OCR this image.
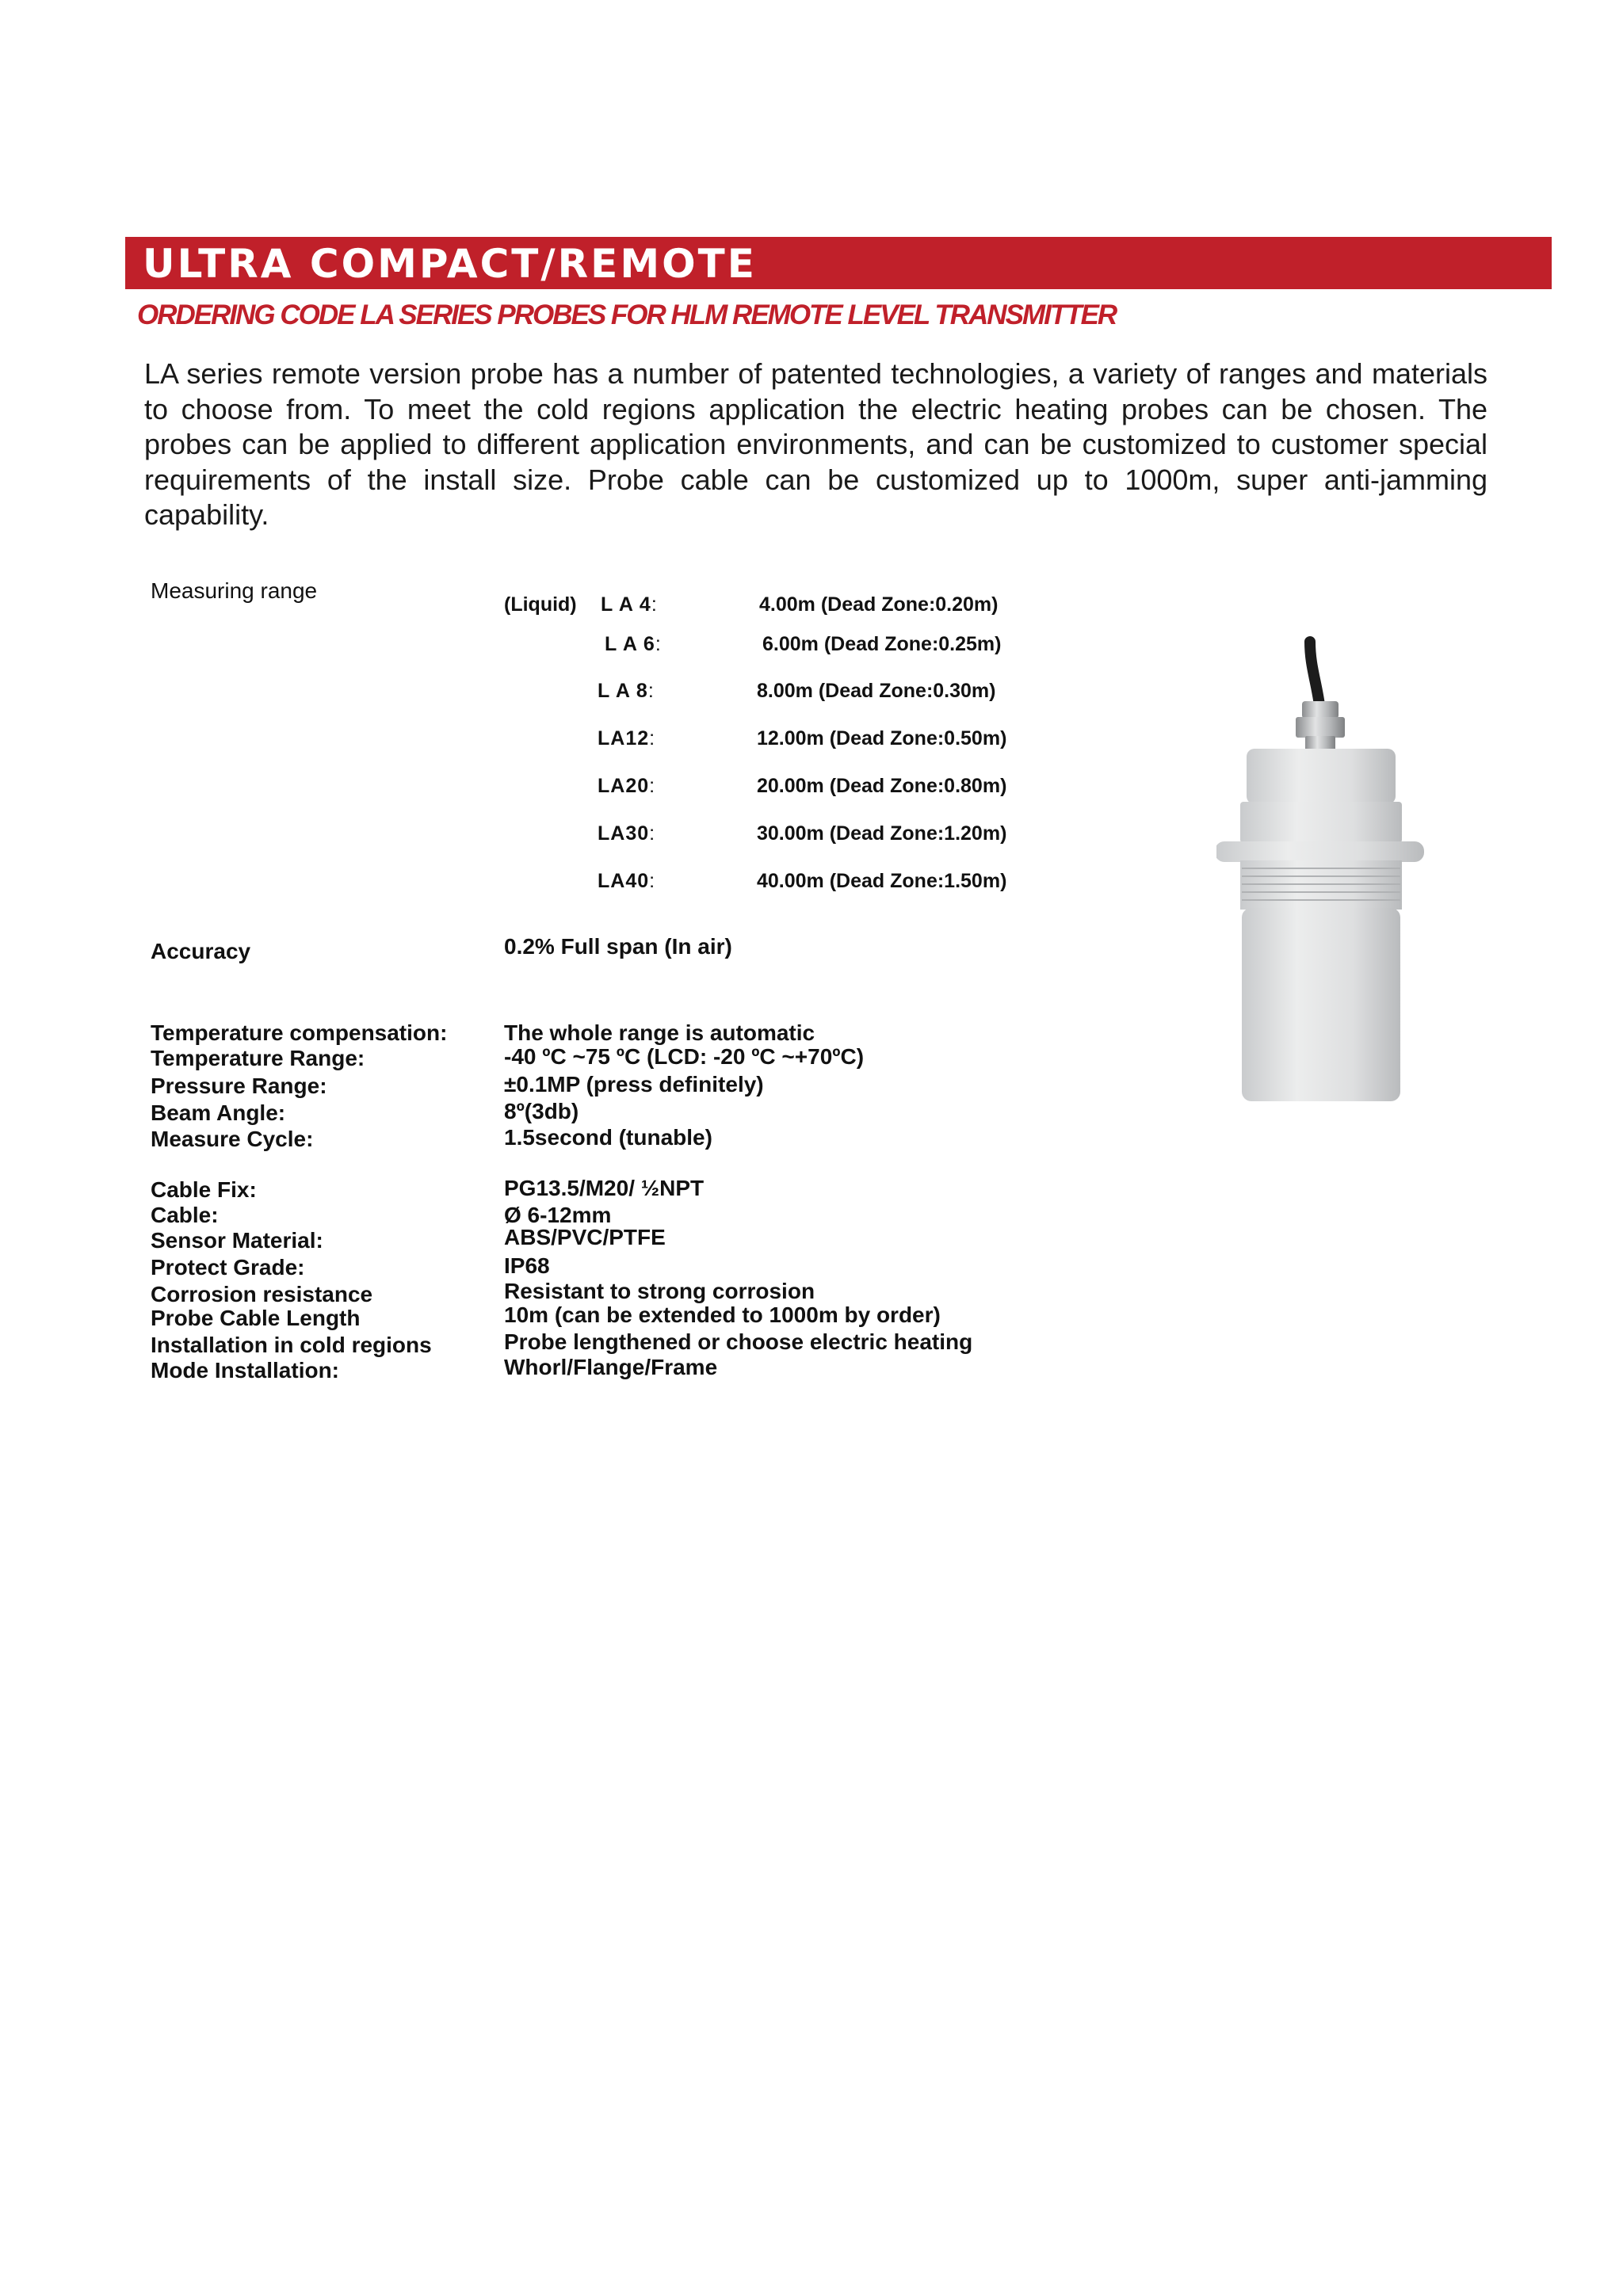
ULTRA COMPACT/REMOTE
ORDERING CODE LA SERIES PROBES FOR HLM REMOTE LEVEL TRANSMITTER
LA series remote version probe has a number of patented technologies, a variety of ranges and materials to choose from. To meet the cold regions application the electric heating probes can be chosen. The probes can be applied to different application environments, and can be customized to customer special requirements of the install size. Probe cable can be customized up to 1000m, super anti-jamming capability.
Measuring range
(Liquid) L A 4:	4.00m (Dead Zone:0.20m)
L A 6:	6.00m (Dead Zone:0.25m)
L A 8:	8.00m (Dead Zone:0.30m)
LA12:	12.00m (Dead Zone:0.50m)
LA20:	20.00m (Dead Zone:0.80m)
LA30:	30.00m (Dead Zone:1.20m)
LA40:	40.00m (Dead Zone:1.50m)
Accuracy	0.2% Full span (In air)
Temperature compensation:	The whole range is automatic
Temperature Range:	-40 ºC ~75 ºC (LCD: -20 ºC ~+70ºC)
Pressure Range:	±0.1MP (press definitely)
Beam Angle:	8º(3db)
Measure Cycle:	1.5second (tunable)
Cable Fix:	PG13.5/M20/ ½NPT
Cable:	Ø 6-12mm
Sensor Material:	ABS/PVC/PTFE
Protect Grade:	IP68
Corrosion resistance	Resistant to strong corrosion
Probe Cable Length	10m (can be extended to 1000m by order)
Installation in cold regions	Probe lengthened or choose electric heating
Mode Installation:	Whorl/Flange/Frame
